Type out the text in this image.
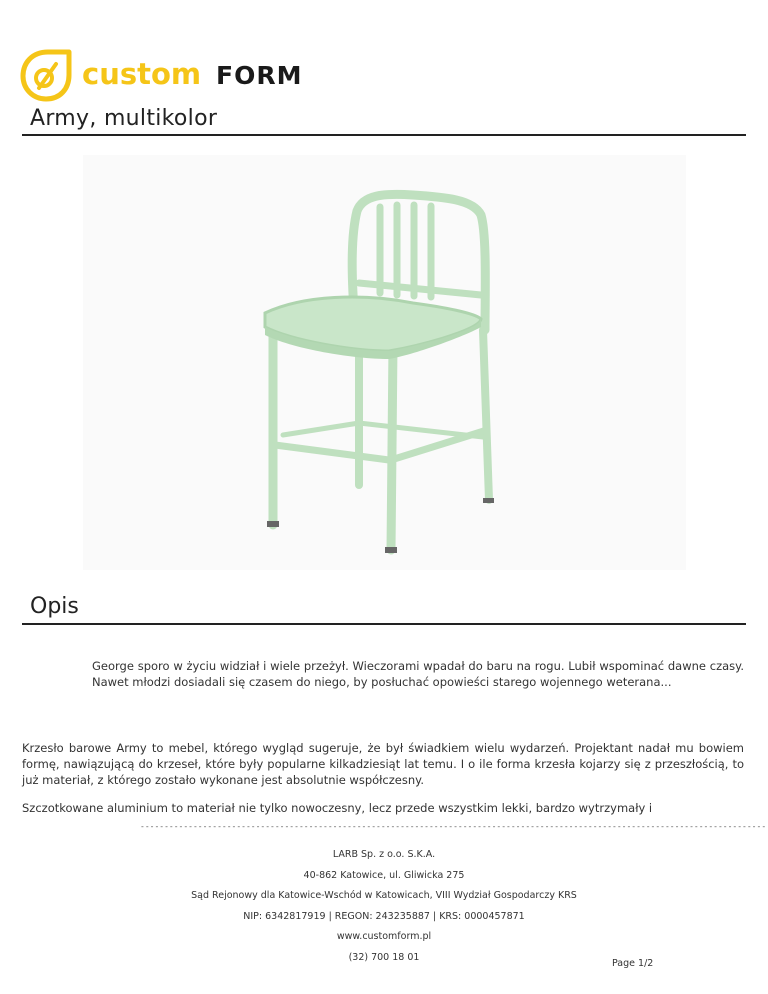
custom FORM
Army, multikolor
Opis
George sporo w życiu widział i wiele przeżył. Wieczorami wpadał do baru na rogu. Lubił wspominać dawne czasy. Nawet młodzi dosiadali się czasem do niego, by posłuchać opowieści starego wojennego weterana...
Krzesło barowe Army to mebel, którego wygląd sugeruje, że był świadkiem wielu wydarzeń. Projektant nadał mu bowiem formę, nawiązującą do krzeseł, które były popularne kilkadziesiąt lat temu. I o ile forma krzesła kojarzy się z przeszłością, to już materiał, z którego zostało wykonane jest absolutnie współczesny.
Szczotkowane aluminium to materiał nie tylko nowoczesny, lecz przede wszystkim lekki, bardzo wytrzymały i
----------------------------------------------------------------------------------------------------------------------------------
LARB Sp. z o.o. S.K.A.
40-862 Katowice, ul. Gliwicka 275
Sąd Rejonowy dla Katowice-Wschód w Katowicach, VIII Wydział Gospodarczy KRS
NIP: 6342817919 | REGON: 243235887 | KRS: 0000457871
www.customform.pl
(32) 700 18 01
Page 1/2
